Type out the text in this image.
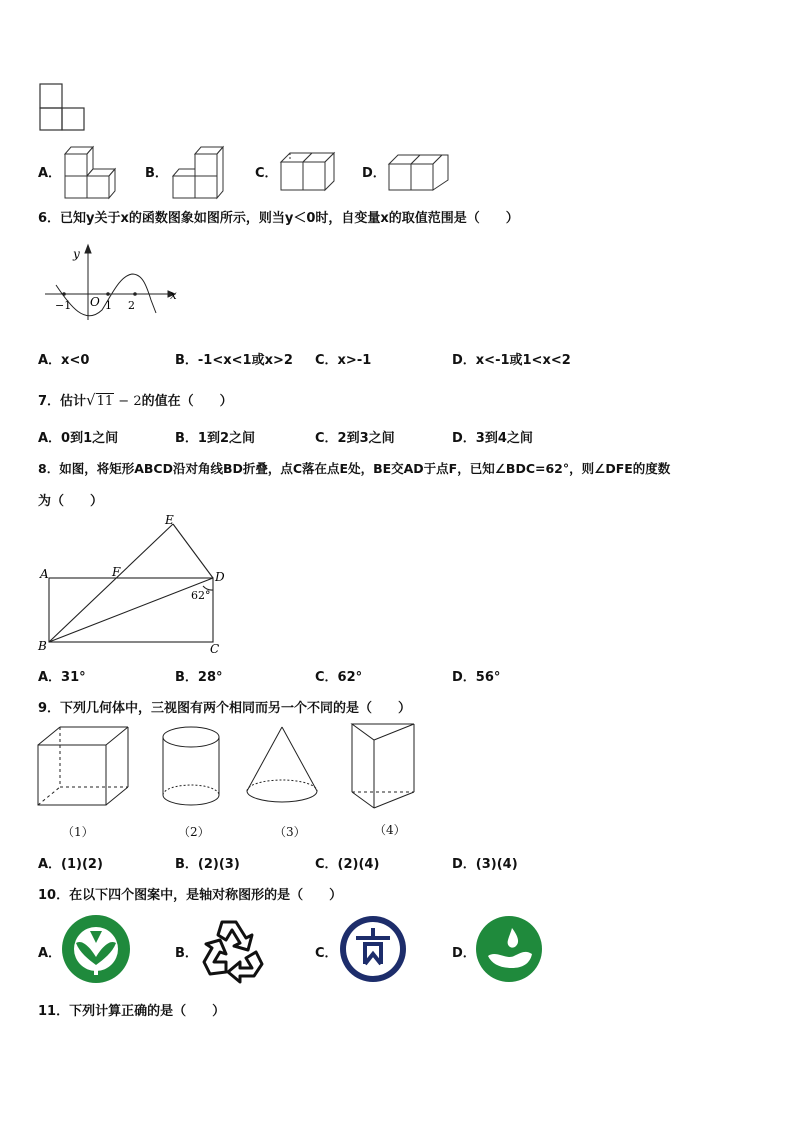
A．	B．	C．	D．
6．已知y关于x的函数图象如图所示，则当y＜0时，自变量x的取值范围是（　　）
y
x
O
−1	1 2
A．x<0	B．-1<x<1或x>2 C．x>-1	D．x<-1或1<x<2
7．估计√11 − 2的值在（　　）
A．0到1之间	B．1到2之间	C．2到3之间	D．3到4之间
8．如图，将矩形ABCD沿对角线BD折叠，点C落在点E处，BE交AD于点F，已知∠BDC=62°，则∠DFE的度数
为（　　）
E
A	F	D
B	C
62°
A．31°	B．28°	C．62°	D．56°
9．下列几何体中，三视图有两个相同而另一个不同的是（　　）
（1）	（2）	（3）	（4）
A．(1)(2)	B．(2)(3)	C．(2)(4)	D．(3)(4)
10．在以下四个图案中，是轴对称图形的是（　　）
A．	B．	C．	D．
11．下列计算正确的是（　　）
